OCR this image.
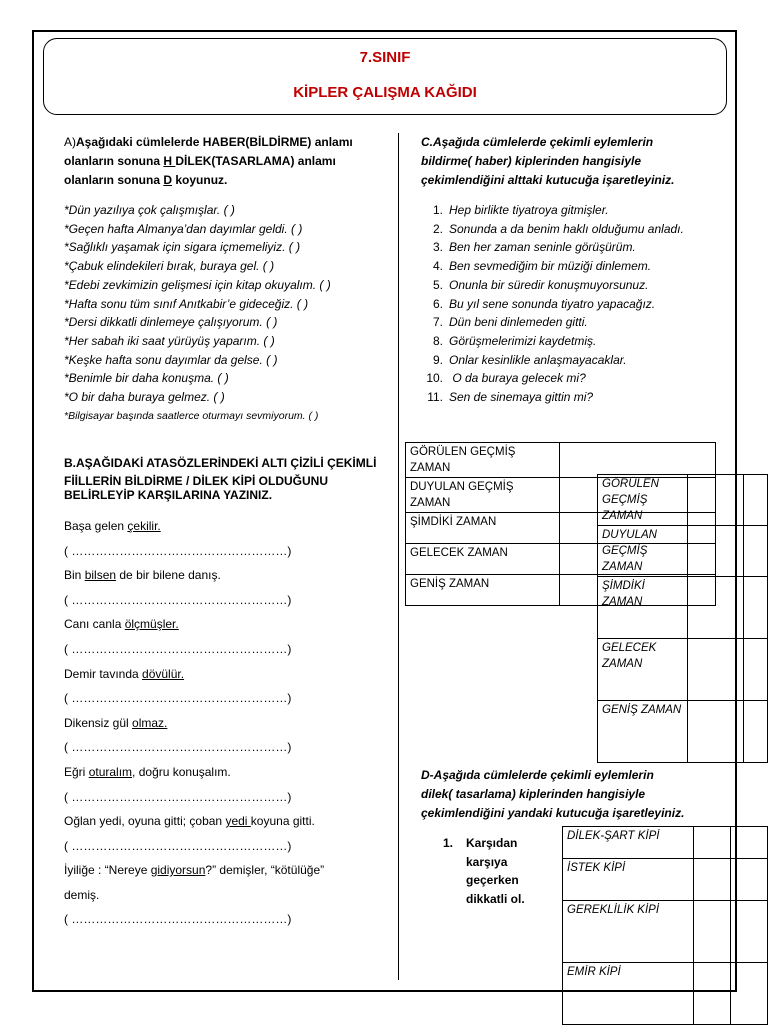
7.SINIF
KİPLER ÇALIŞMA KAĞIDI
A)Aşağıdaki cümlelerde HABER(BİLDİRME) anlamı
olanların sonuna H DİLEK(TASARLAMA) anlamı
olanların sonuna D koyunuz.
*Dün yazılıya çok çalışmışlar. ( )
*Geçen hafta Almanya’dan dayımlar geldi. ( )
*Sağlıklı yaşamak için sigara içmemeliyiz. ( )
*Çabuk elindekileri bırak, buraya gel. ( )
*Edebi zevkimizin gelişmesi için kitap okuyalım. ( )
*Hafta sonu tüm sınıf Anıtkabir’e gideceğiz. ( )
*Dersi dikkatli dinlemeye çalışıyorum. ( )
*Her sabah iki saat yürüyüş yaparım. ( )
*Keşke hafta sonu dayımlar da gelse. ( )
*Benimle bir daha konuşma. ( )
*O bir daha buraya gelmez. ( )
*Bilgisayar başında saatlerce oturmayı sevmiyorum. ( )
B.AŞAĞIDAKİ ATASÖZLERİNDEKİ ALTI ÇİZİLİ ÇEKİMLİ
FİİLLERİN BİLDİRME / DİLEK KİPİ OLDUĞUNU
BELİRLEYİP KARŞILARINA YAZINIZ.
Başa gelen çekilir.
( ………………………………………………)
Bin bilsen de bir bilene danış.
( ………………………………………………)
Canı canla ölçmüşler.
( ………………………………………………)
Demir tavında dövülür.
( ………………………………………………)
Dikensiz gül olmaz.
( ………………………………………………)
Eğri oturalım, doğru konuşalım.
( ………………………………………………)
Oğlan yedi, oyuna gitti; çoban yedi koyuna gitti.
( ………………………………………………)
İyiliğe : “Nereye gidiyorsun?” demişler, “kötülüğe”
demiş.
( ………………………………………………)
C.Aşağıda cümlelerde çekimli eylemlerin
bildirme( haber) kiplerinden hangisiyle
çekimlendiğini alttaki kutucuğa işaretleyiniz.
1. Hep birlikte tiyatroya gitmişler.
2. Sonunda a da benim haklı olduğumu anladı.
3. Ben her zaman seninle görüşürüm.
4. Ben sevmediğim bir müziği dinlemem.
5. Onunla bir süredir konuşmuyorsunuz.
6. Bu yıl sene sonunda tiyatro yapacağız.
7. Dün beni dinlemeden gitti.
8. Görüşmelerimizi kaydetmiş.
9. Onlar kesinlikle anlaşmayacaklar.
10. O da buraya gelecek mi?
11. Sen de sinemaya gittin mi?
GÖRÜLEN GEÇMİŞ ZAMAN	
DUYULAN GEÇMİŞ ZAMAN	
ŞİMDİKİ ZAMAN	
GELECEK ZAMAN	
GENİŞ ZAMAN	
GÖRÜLEN GEÇMİŞ ZAMAN		
DUYULAN GEÇMİŞ ZAMAN		
ŞİMDİKİ ZAMAN		
GELECEK ZAMAN		
GENİŞ ZAMAN		
D-Aşağıda cümlelerde çekimli eylemlerin
dilek( tasarlama) kiplerinden hangisiyle
çekimlendiğini yandaki kutucuğa işaretleyiniz.
1. Karşıdan
karşıya
geçerken
dikkatli ol.
DİLEK-ŞART KİPİ		
İSTEK KİPİ		
GEREKLİLİK KİPİ		
EMİR KİPİ		
